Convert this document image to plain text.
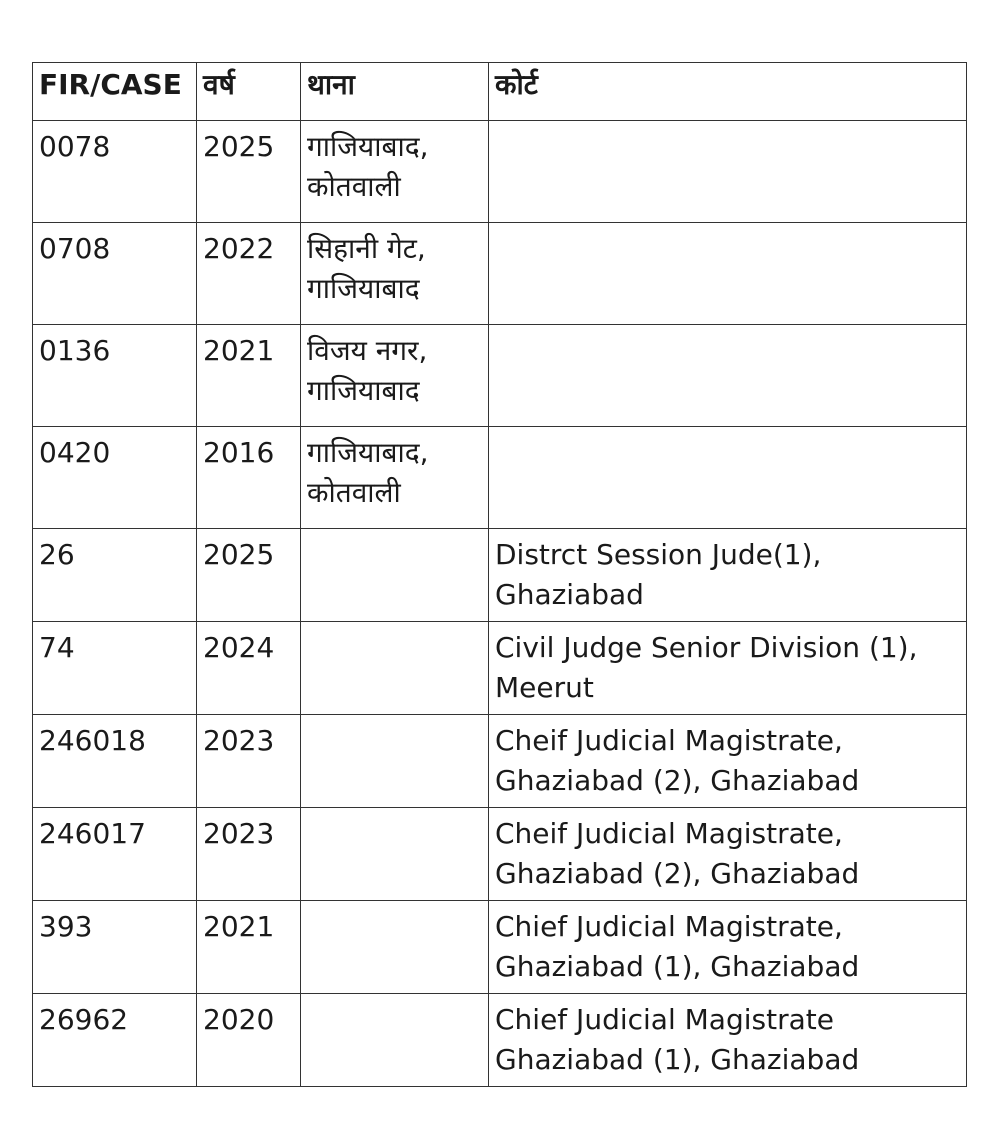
FIR/CASE	वर्ष	थाना	कोर्ट
0078	2025	गाजियाबाद, कोतवाली	
0708	2022	सिहानी गेट, गाजियाबाद	
0136	2021	विजय नगर, गाजियाबाद	
0420	2016	गाजियाबाद, कोतवाली	
26	2025		Distrct Session Jude(1), Ghaziabad
74	2024		Civil Judge Senior Division (1), Meerut
246018	2023		Cheif Judicial Magistrate, Ghaziabad (2), Ghaziabad
246017	2023		Cheif Judicial Magistrate, Ghaziabad (2), Ghaziabad
393	2021		Chief Judicial Magistrate, Ghaziabad (1), Ghaziabad
26962	2020		Chief Judicial Magistrate Ghaziabad (1), Ghaziabad
